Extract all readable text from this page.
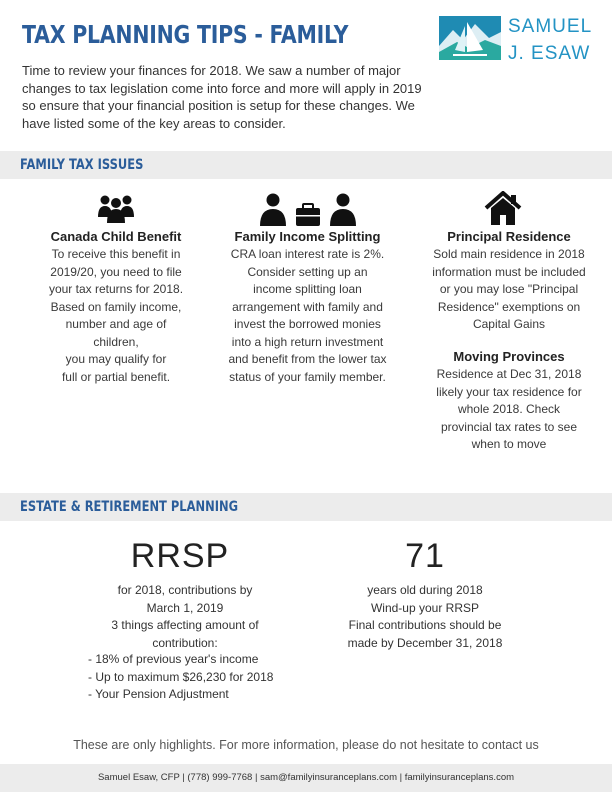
TAX PLANNING TIPS - FAMILY	SAMUEL
J. ESAW

Time to review your finances for 2018. We saw a number of major changes to tax legislation come into force and more will apply in 2019 so ensure that your financial position is setup for these changes. We have listed some of the key areas to consider.

FAMILY TAX ISSUES
Canada Child Benefit

To receive this benefit in

2019/20, you need to file

your tax returns for 2018.

Based on family income,

number and age of

children,

you may qualify for

full or partial benefit.

Family Income Splitting

CRA loan interest rate is 2%.

Consider setting up an

income splitting loan

arrangement with family and

invest the borrowed monies

into a high return investment

and benefit from the lower tax

status of your family member.

Principal Residence

Sold main residence in 2018

information must be included

or you may lose "Principal

Residence" exemptions on

Capital Gains

Moving Provinces

Residence at Dec 31, 2018

likely your tax residence for

whole 2018. Check

provincial tax rates to see

when to move

ESTATE & RETIREMENT PLANNING
RRSP
for 2018, contributions by
March 1, 2019
3 things affecting amount of
contribution:
- 18% of previous year's income
- Up to maximum $26,230 for 2018
- Your Pension Adjustment
71
years old during 2018
Wind-up your RRSP
Final contributions should be
made by December 31, 2018
These are only highlights. For more information, please do not hesitate to contact us
Samuel Esaw, CFP | (778) 999-7768 | sam@familyinsuranceplans.com | familyinsuranceplans.com
